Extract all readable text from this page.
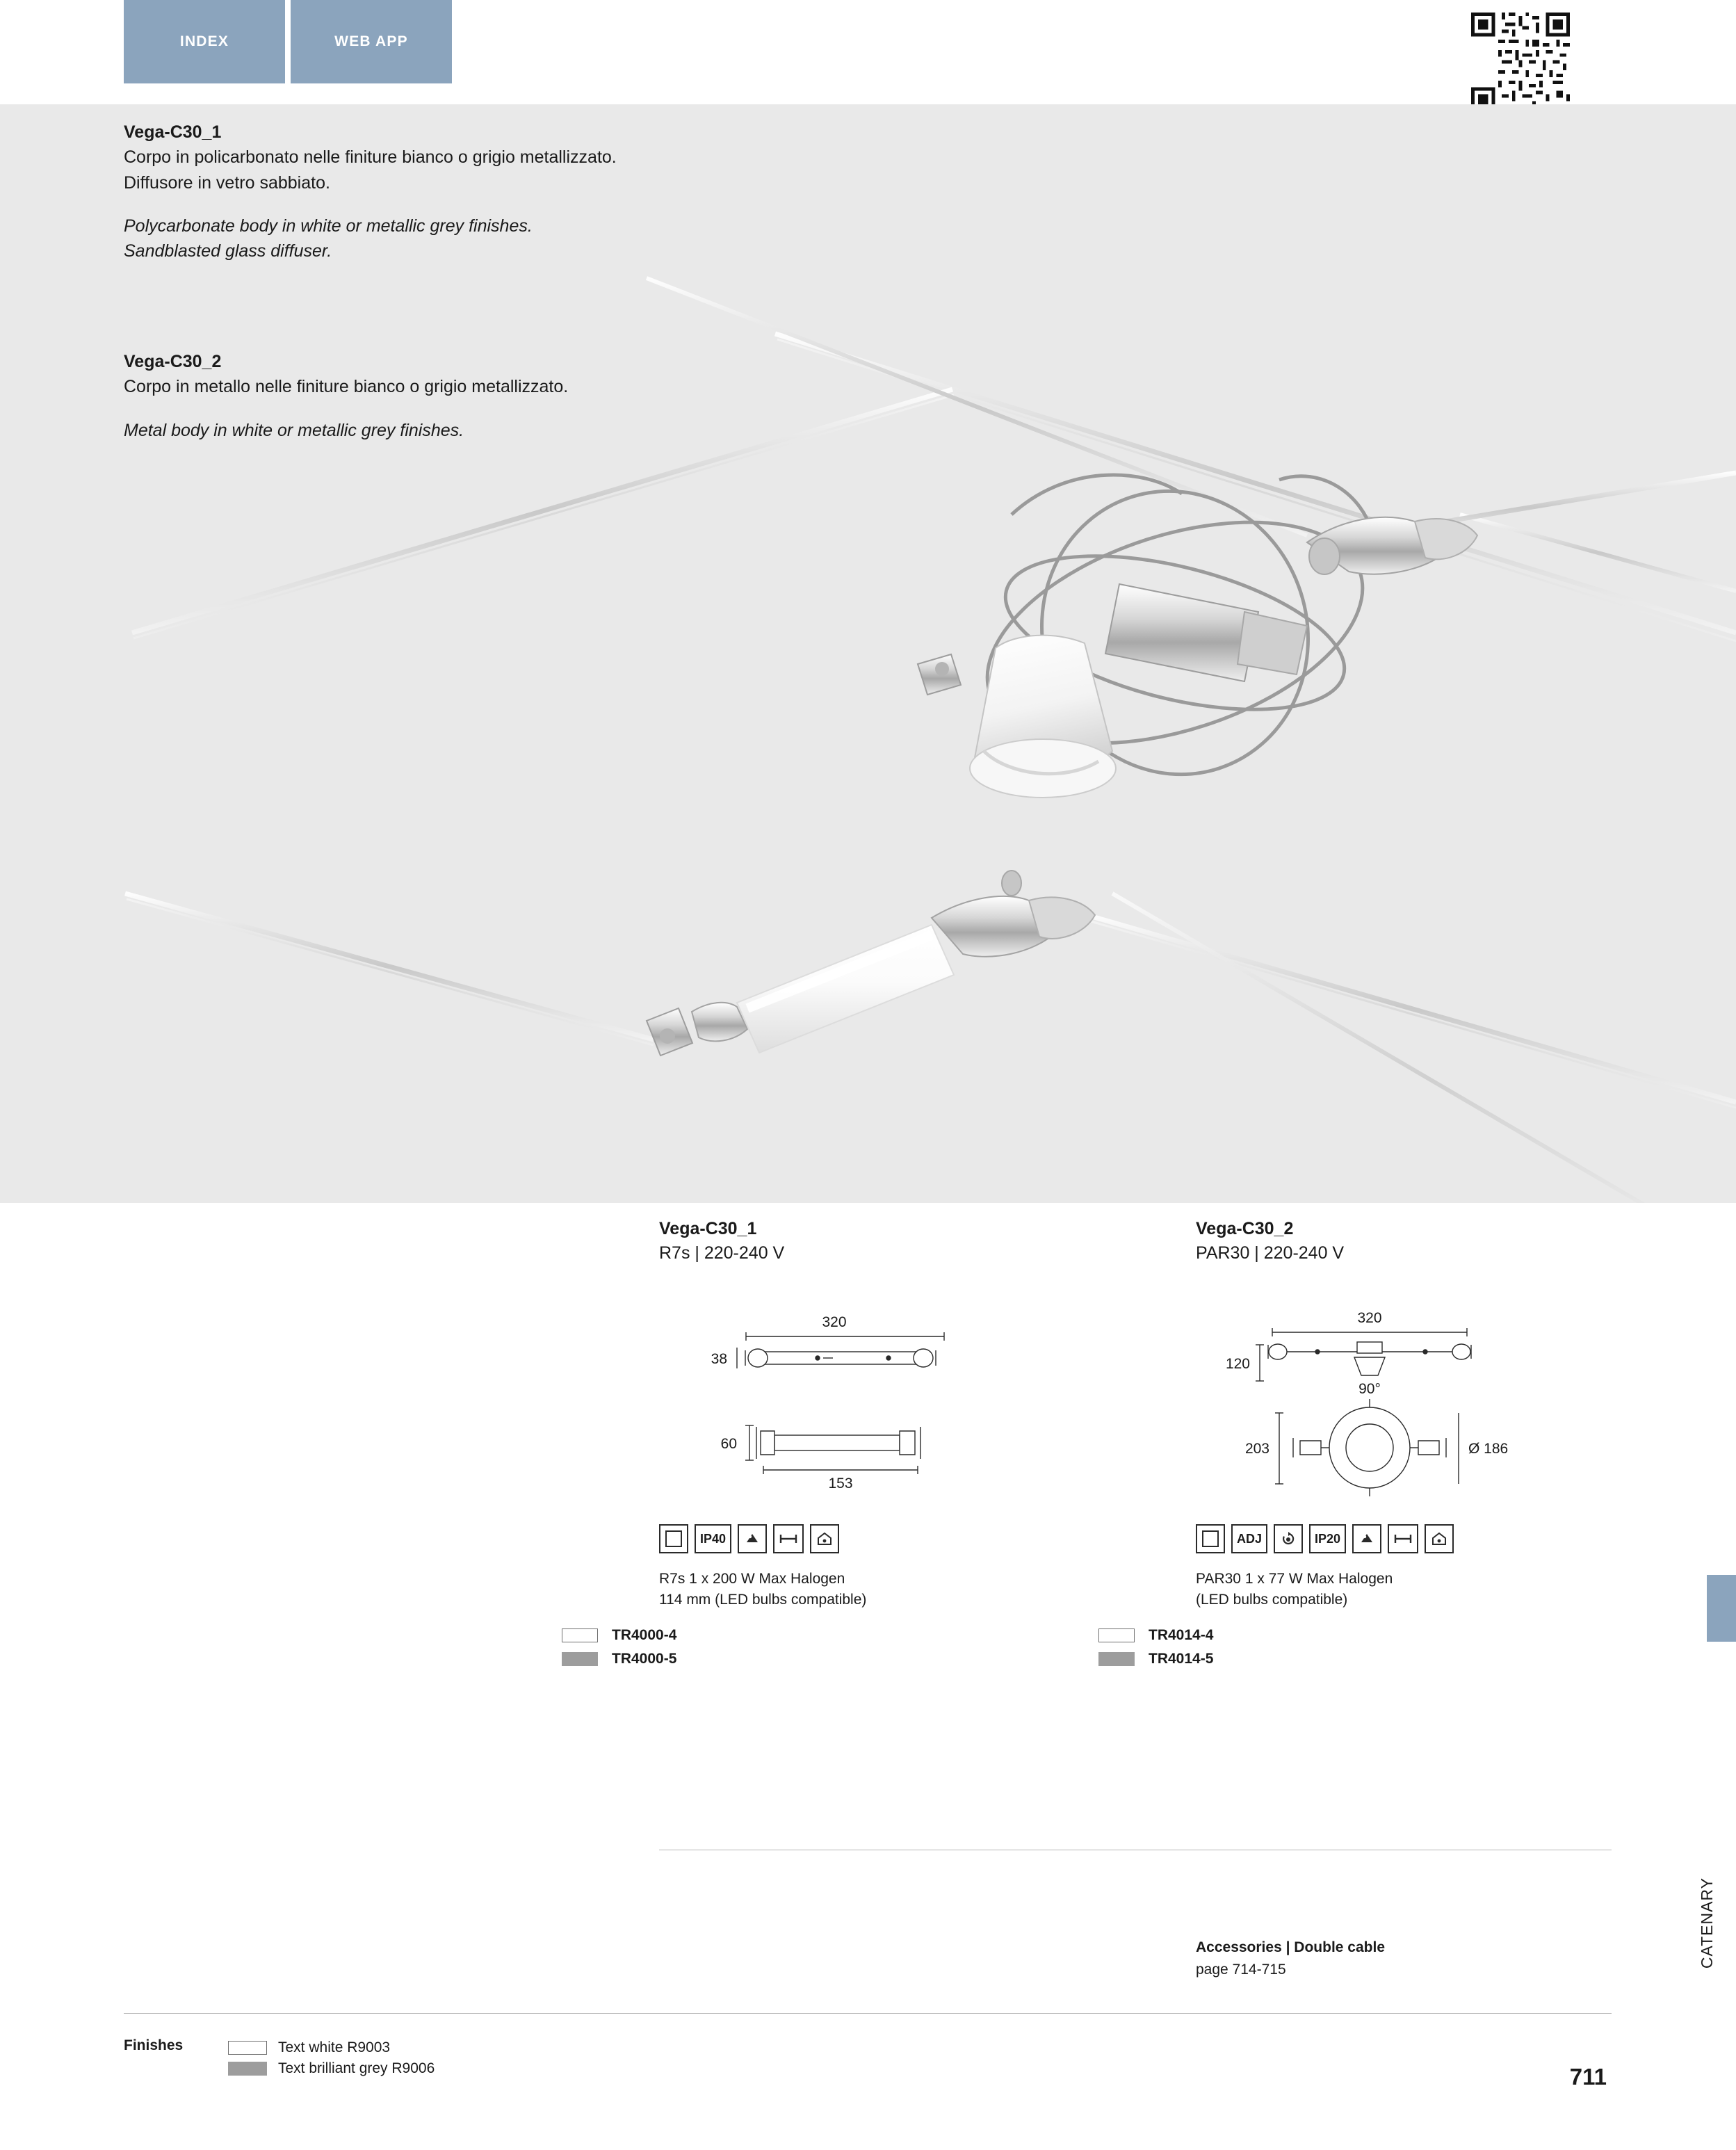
INDEX	WEB APP
Vega-C30_1

Corpo in policarbonato nelle finiture bianco o grigio metallizzato.

Diffusore in vetro sabbiato.

Polycarbonate body in white or metallic grey finishes.

Sandblasted glass diffuser.

Vega-C30_2

Corpo in metallo nelle finiture bianco o grigio metallizzato.

Metal body in white or metallic grey finishes.

Vega-C30_1
R7s | 220-240 V
320
38
60
153
IP40
R7s 1 x 200 W Max Halogen
114 mm (LED bulbs compatible)
TR4000-4
TR4000-5
Vega-C30_2
PAR30 | 220-240 V
320
120
90°
203	Ø 186
ADJ	IP20
PAR30 1 x 77 W Max Halogen
(LED bulbs compatible)
TR4014-4
TR4014-5
Accessories | Double cable
page 714-715
CATENARY
Finishes	Text white R9003
Text brilliant grey R9006	711
